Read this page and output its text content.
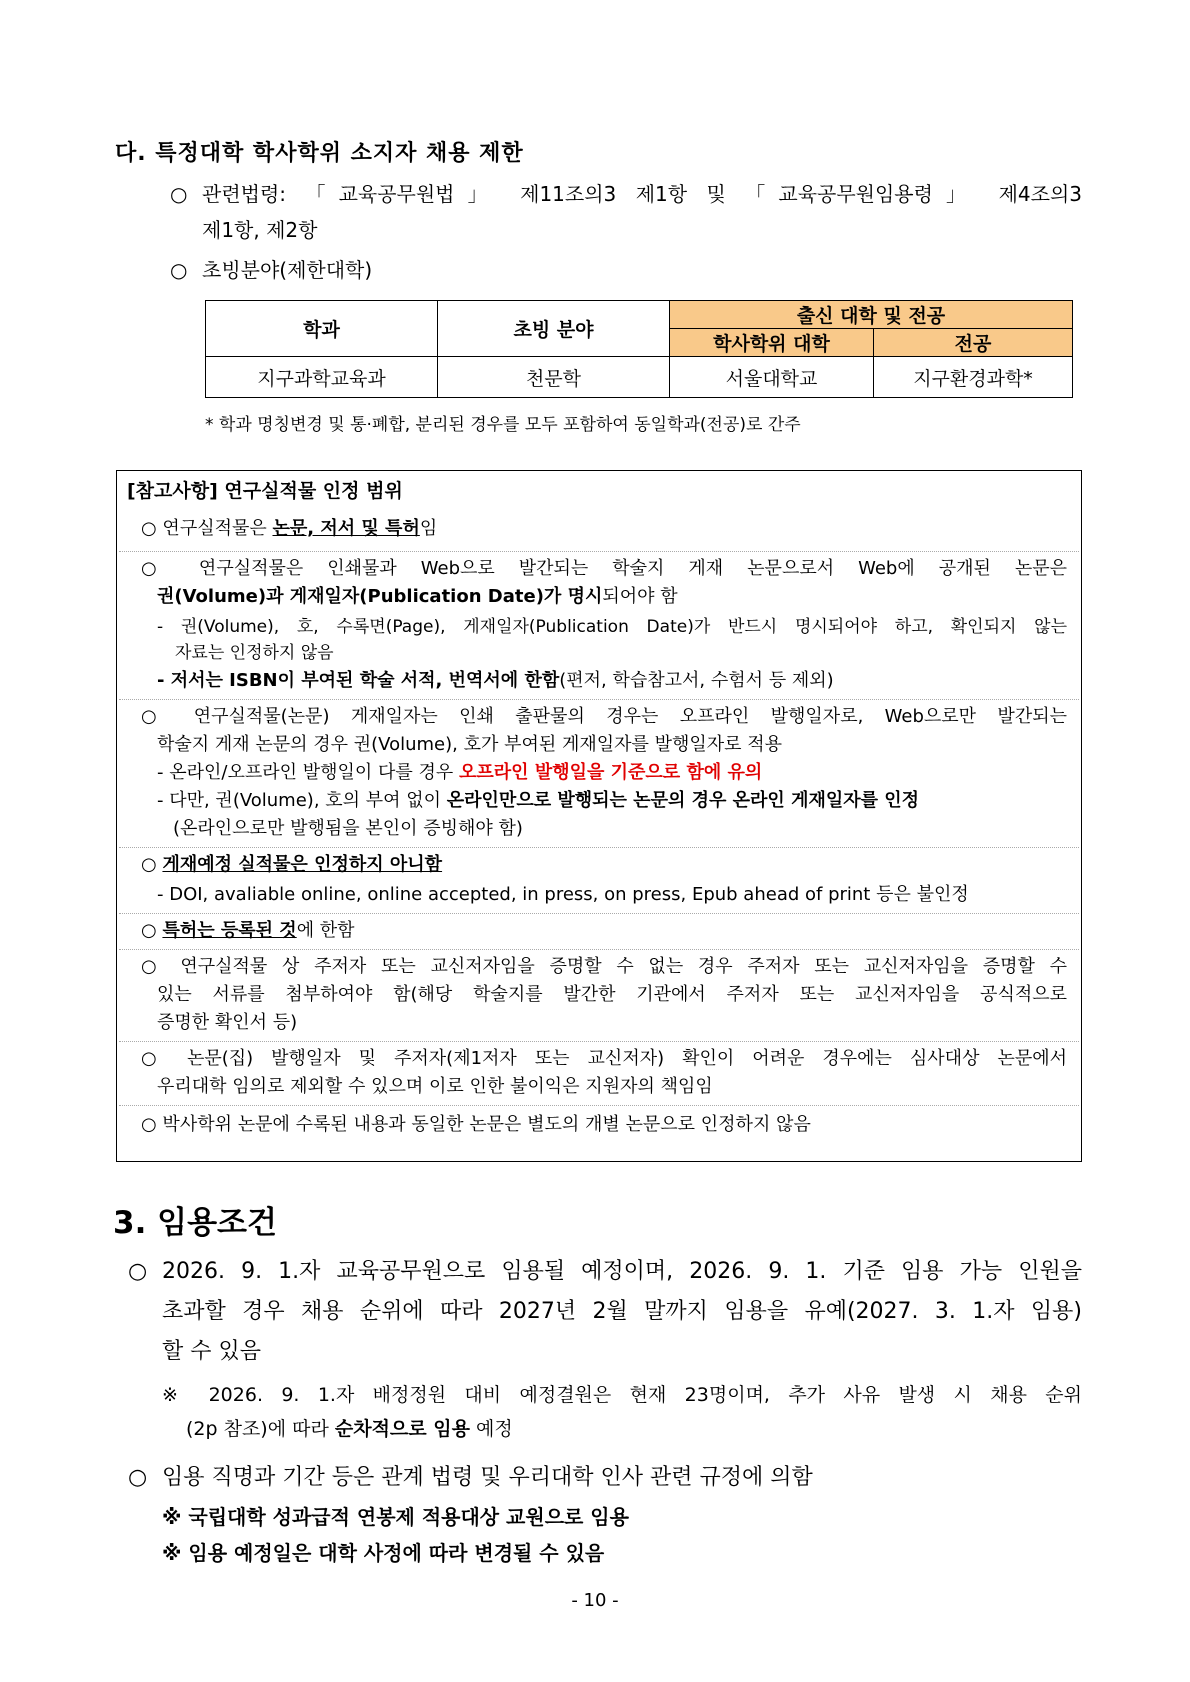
다. 특정대학 학사학위 소지자 채용 제한
○ 관련법령: 「교육공무원법」 제11조의3 제1항 및 「교육공무원임용령」 제4조의3
제1항, 제2항
○ 초빙분야(제한대학)
학과	초빙 분야	출신 대학 및 전공	
		학사학위 대학	전공
지구과학교육과	천문학	서울대학교	지구환경과학*
* 학과 명칭변경 및 통·폐합, 분리된 경우를 모두 포함하여 동일학과(전공)로 간주
[참고사항] 연구실적물 인정 범위
○ 연구실적물은 논문, 저서 및 특허임
○ 연구실적물은 인쇄물과 Web으로 발간되는 학술지 게재 논문으로서 Web에 공개된 논문은
권(Volume)과 게재일자(Publication Date)가 명시되어야 함
- 권(Volume), 호, 수록면(Page), 게재일자(Publication Date)가 반드시 명시되어야 하고, 확인되지 않는
자료는 인정하지 않음
- 저서는 ISBN이 부여된 학술 서적, 번역서에 한함(편저, 학습참고서, 수험서 등 제외)
○ 연구실적물(논문) 게재일자는 인쇄 출판물의 경우는 오프라인 발행일자로, Web으로만 발간되는
학술지 게재 논문의 경우 권(Volume), 호가 부여된 게재일자를 발행일자로 적용
- 온라인/오프라인 발행일이 다를 경우 오프라인 발행일을 기준으로 함에 유의
- 다만, 권(Volume), 호의 부여 없이 온라인만으로 발행되는 논문의 경우 온라인 게재일자를 인정
(온라인으로만 발행됨을 본인이 증빙해야 함)
○ 게재예정 실적물은 인정하지 아니함
- DOI, avaliable online, online accepted, in press, on press, Epub ahead of print 등은 불인정
○ 특허는 등록된 것에 한함
○ 연구실적물 상 주저자 또는 교신저자임을 증명할 수 없는 경우 주저자 또는 교신저자임을 증명할 수
있는 서류를 첨부하여야 함(해당 학술지를 발간한 기관에서 주저자 또는 교신저자임을 공식적으로
증명한 확인서 등)
○ 논문(집) 발행일자 및 주저자(제1저자 또는 교신저자) 확인이 어려운 경우에는 심사대상 논문에서
우리대학 임의로 제외할 수 있으며 이로 인한 불이익은 지원자의 책임임
○ 박사학위 논문에 수록된 내용과 동일한 논문은 별도의 개별 논문으로 인정하지 않음
3. 임용조건
○ 2026. 9. 1.자 교육공무원으로 임용될 예정이며, 2026. 9. 1. 기준 임용 가능 인원을
초과할 경우 채용 순위에 따라 2027년 2월 말까지 임용을 유예(2027. 3. 1.자 임용)
할 수 있음
※ 2026. 9. 1.자 배정정원 대비 예정결원은 현재 23명이며, 추가 사유 발생 시 채용 순위
(2p 참조)에 따라 순차적으로 임용 예정
○ 임용 직명과 기간 등은 관계 법령 및 우리대학 인사 관련 규정에 의함
※ 국립대학 성과급적 연봉제 적용대상 교원으로 임용
※ 임용 예정일은 대학 사정에 따라 변경될 수 있음
- 10 -
